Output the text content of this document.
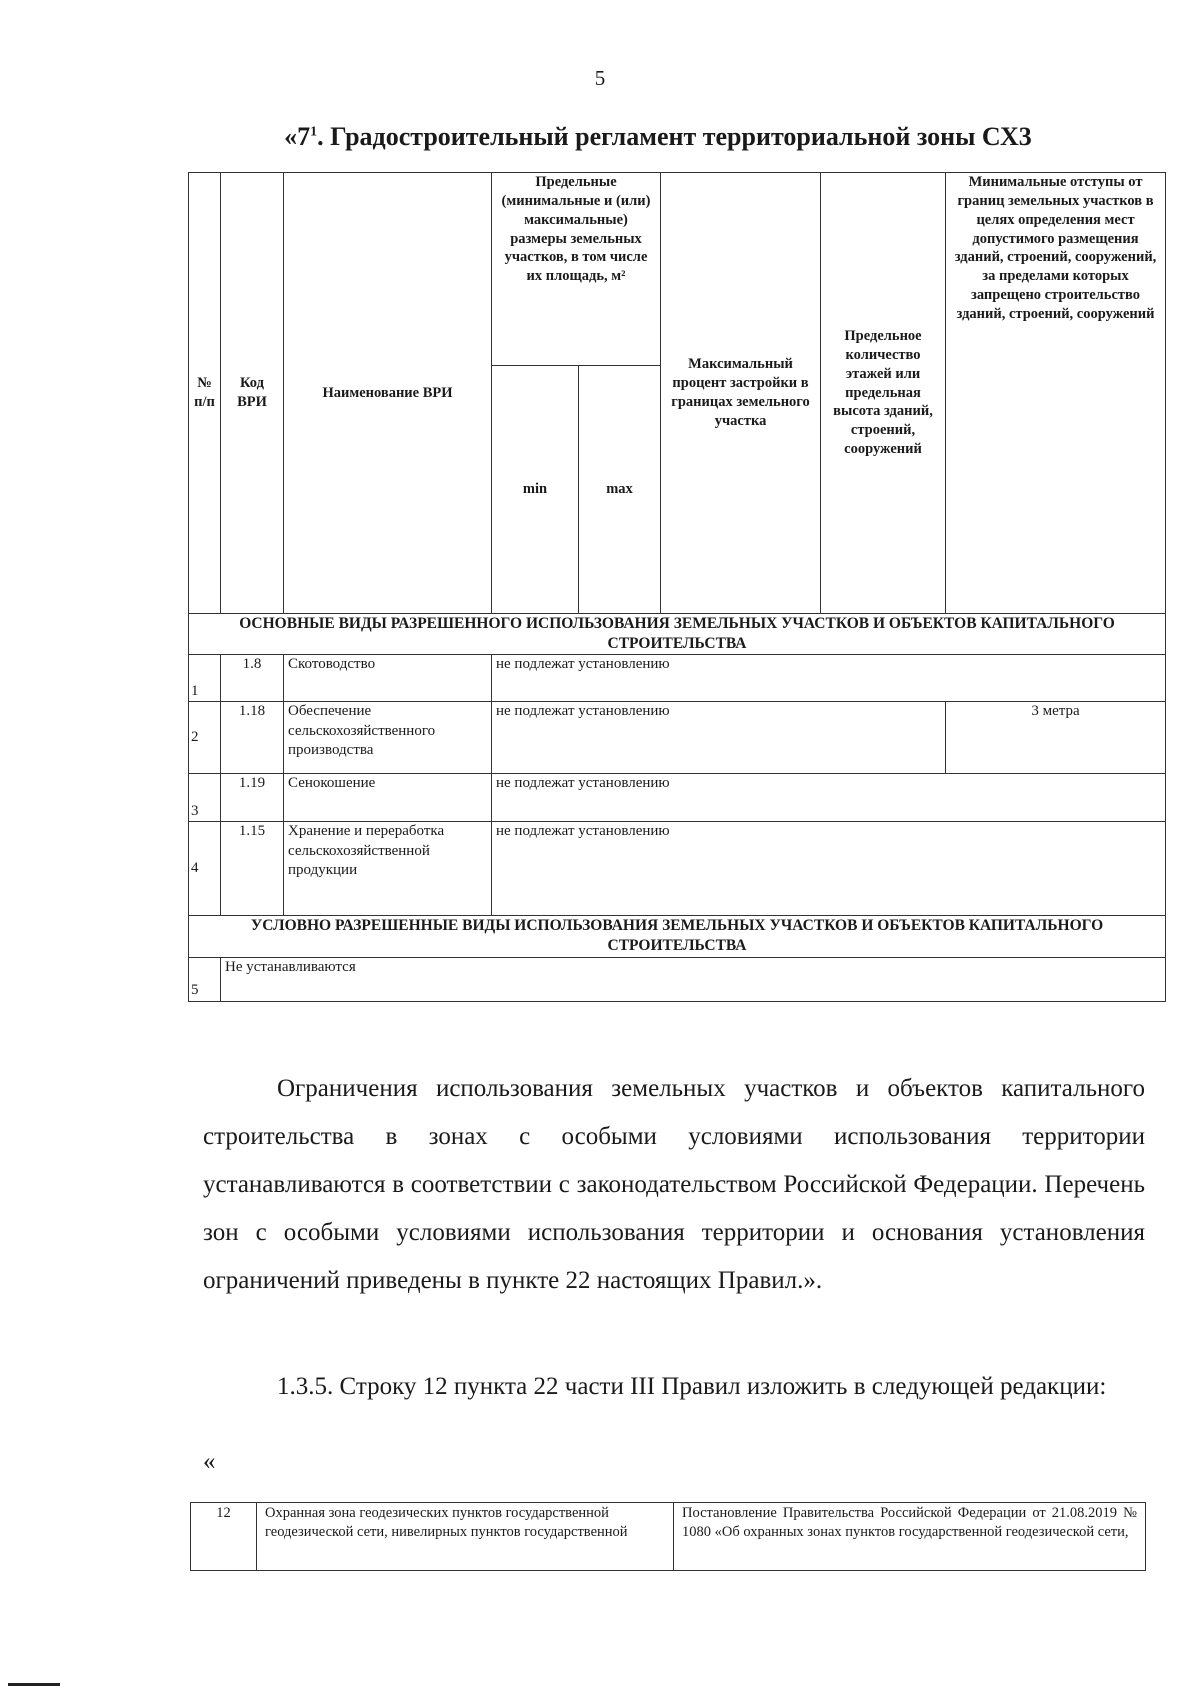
5
«$7^1$. Градостроительный регламент территориальной зоны СХ3
№ п/п	Код ВРИ	Наименование ВРИ	Предельные (минимальные и (или) максимальные) размеры земельных участков, в том числе их площадь, м²		Максимальный процент застройки в границах земельного участка	Предельное количество этажей или предельная высота зданий, строений, сооружений	Минимальные отступы от границ земельных участков в целях определения мест допустимого размещения зданий, строений, сооружений, за пределами которых запрещено строительство зданий, строений, сооружений
			min	max			
ОСНОВНЫЕ ВИДЫ РАЗРЕШЕННОГО ИСПОЛЬЗОВАНИЯ ЗЕМЕЛЬНЫХ УЧАСТКОВ И ОБЪЕКТОВ КАПИТАЛЬНОГО СТРОИТЕЛЬСТВА							
1	1.8	Скотоводство	не подлежат установлению				
2	1.18	Обеспечение сельскохозяйственного производства	не подлежат установлению				3 метра
3	1.19	Сенокошение	не подлежат установлению				
4	1.15	Хранение и переработка сельскохозяйственной продукции	не подлежат установлению				
УСЛОВНО РАЗРЕШЕННЫЕ ВИДЫ ИСПОЛЬЗОВАНИЯ ЗЕМЕЛЬНЫХ УЧАСТКОВ И ОБЪЕКТОВ КАПИТАЛЬНОГО СТРОИТЕЛЬСТВА							
5	Не устанавливаются						
Ограничения использования земельных участков и объектов капитального строительства в зонах с особыми условиями использования территории устанавливаются в соответствии с законодательством Российской Федерации. Перечень зон с особыми условиями использования территории и основания установления ограничений приведены в пункте 22 настоящих Правил.».
1.3.5. Строку 12 пункта 22 части III Правил изложить в следующей редакции:
«
12	Охранная зона геодезических пунктов государственной геодезической сети, нивелирных пунктов государственной	Постановление Правительства Российской Федерации от 21.08.2019 № 1080 «Об охранных зонах пунктов государственной геодезической сети,
